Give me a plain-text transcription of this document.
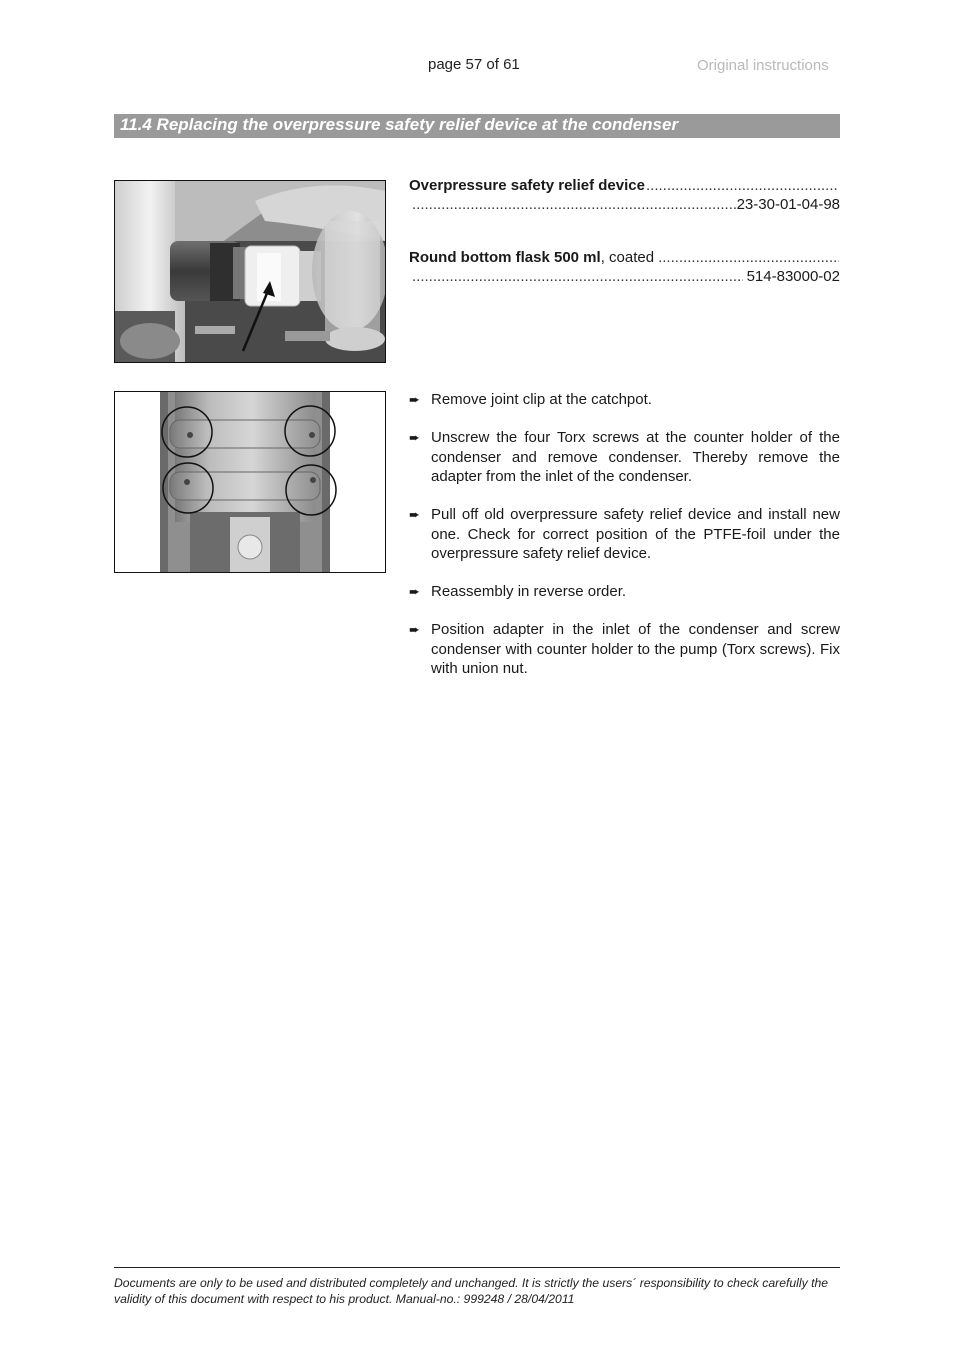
page 57 of 61	Original instructions
11.4 Replacing the overpressure safety relief device at the condenser
Overpressure safety relief device
.....
.....
23-30-01-04-98
Round bottom flask 500 ml, coated
.....
.....
514-83000-02
➨ Remove joint clip at the catchpot.
➨ Unscrew the four Torx screws at the counter holder of the condenser and remove condenser. Thereby remove the adapter from the inlet of the condenser.
➨ Pull off old overpressure safety relief device and install new one. Check for correct position of the PTFE-foil under the overpressure safety relief device.
➨ Reassembly in reverse order.
➨ Position adapter in the inlet of the condenser and screw condenser with counter holder to the pump (Torx screws). Fix with union nut.
Documents are only to be used and distributed completely and unchanged. It is strictly the users´ responsibility to check carefully the validity of this document with respect to his product. Manual-no.: 999248 / 28/04/2011
